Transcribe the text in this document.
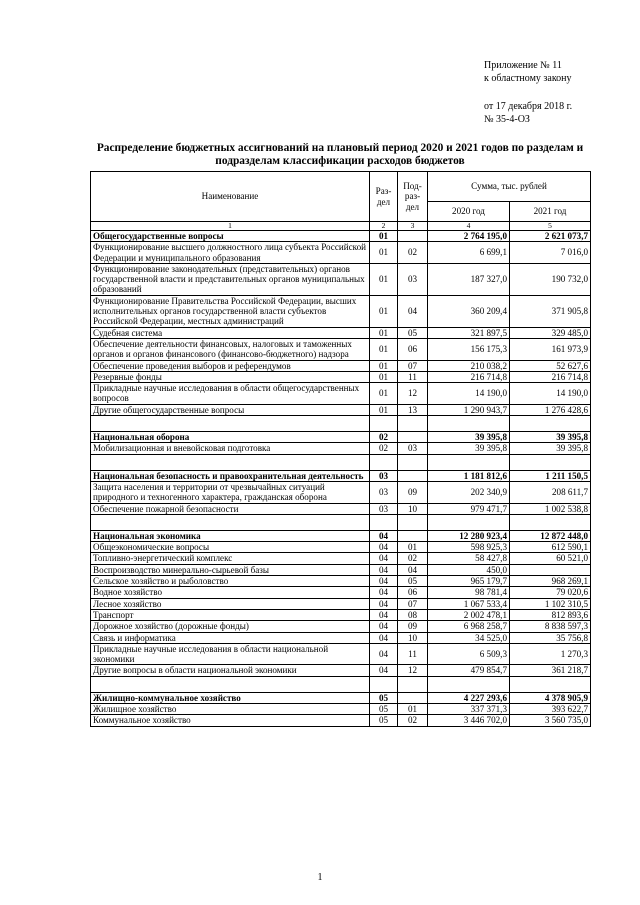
Приложение № 11
к областному закону
от 17 декабря 2018 г.
№ 35-4-ОЗ
Распределение бюджетных ассигнований на плановый период 2020 и 2021 годов по разделам и подразделам классификации расходов бюджетов
Наименование	Раз-дел	Под-раз-дел	Сумма, тыс. рублей	
			2020 год	2021 год
1	2	3	4	5
Общегосударственные вопросы	01		2 764 195,0	2 621 073,7
Функционирование высшего должностного лица субъекта Российской Федерации и муниципального образования	01	02	6 699,1	7 016,0
Функционирование законодательных (представительных) органов государственной власти и представительных органов муниципальных образований	01	03	187 327,0	190 732,0
Функционирование Правительства Российской Федерации, высших исполнительных органов государственной власти субъектов Российской Федерации, местных администраций	01	04	360 209,4	371 905,8
Судебная система	01	05	321 897,5	329 485,0
Обеспечение деятельности финансовых, налоговых и таможенных органов и органов финансового (финансово-бюджетного) надзора	01	06	156 175,3	161 973,9
Обеспечение проведения выборов и референдумов	01	07	210 038,2	52 627,6
Резервные фонды	01	11	216 714,8	216 714,8
Прикладные научные исследования в области общегосударственных вопросов	01	12	14 190,0	14 190,0
Другие общегосударственные вопросы	01	13	1 290 943,7	1 276 428,6

Национальная оборона	02		39 395,8	39 395,8
Мобилизационная и вневойсковая подготовка	02	03	39 395,8	39 395,8

Национальная безопасность и правоохранительная деятельность	03		1 181 812,6	1 211 150,5
Защита населения и территории от чрезвычайных ситуаций природного и техногенного характера, гражданская оборона	03	09	202 340,9	208 611,7
Обеспечение пожарной безопасности	03	10	979 471,7	1 002 538,8

Национальная экономика	04		12 280 923,4	12 872 448,0
Общеэкономические вопросы	04	01	598 925,3	612 590,1
Топливно-энергетический комплекс	04	02	58 427,8	60 521,0
Воспроизводство минерально-сырьевой базы	04	04	450,0	
Сельское хозяйство и рыболовство	04	05	965 179,7	968 269,1
Водное хозяйство	04	06	98 781,4	79 020,6
Лесное хозяйство	04	07	1 067 533,4	1 102 310,5
Транспорт	04	08	2 002 478,1	812 893,6
Дорожное хозяйство (дорожные фонды)	04	09	6 968 258,7	8 838 597,3
Связь и информатика	04	10	34 525,0	35 756,8
Прикладные научные исследования в области национальной экономики	04	11	6 509,3	1 270,3
Другие вопросы в области национальной экономики	04	12	479 854,7	361 218,7

Жилищно-коммунальное хозяйство	05		4 227 293,6	4 378 905,9
Жилищное хозяйство	05	01	337 371,3	393 622,7
Коммунальное хозяйство	05	02	3 446 702,0	3 560 735,0
1
